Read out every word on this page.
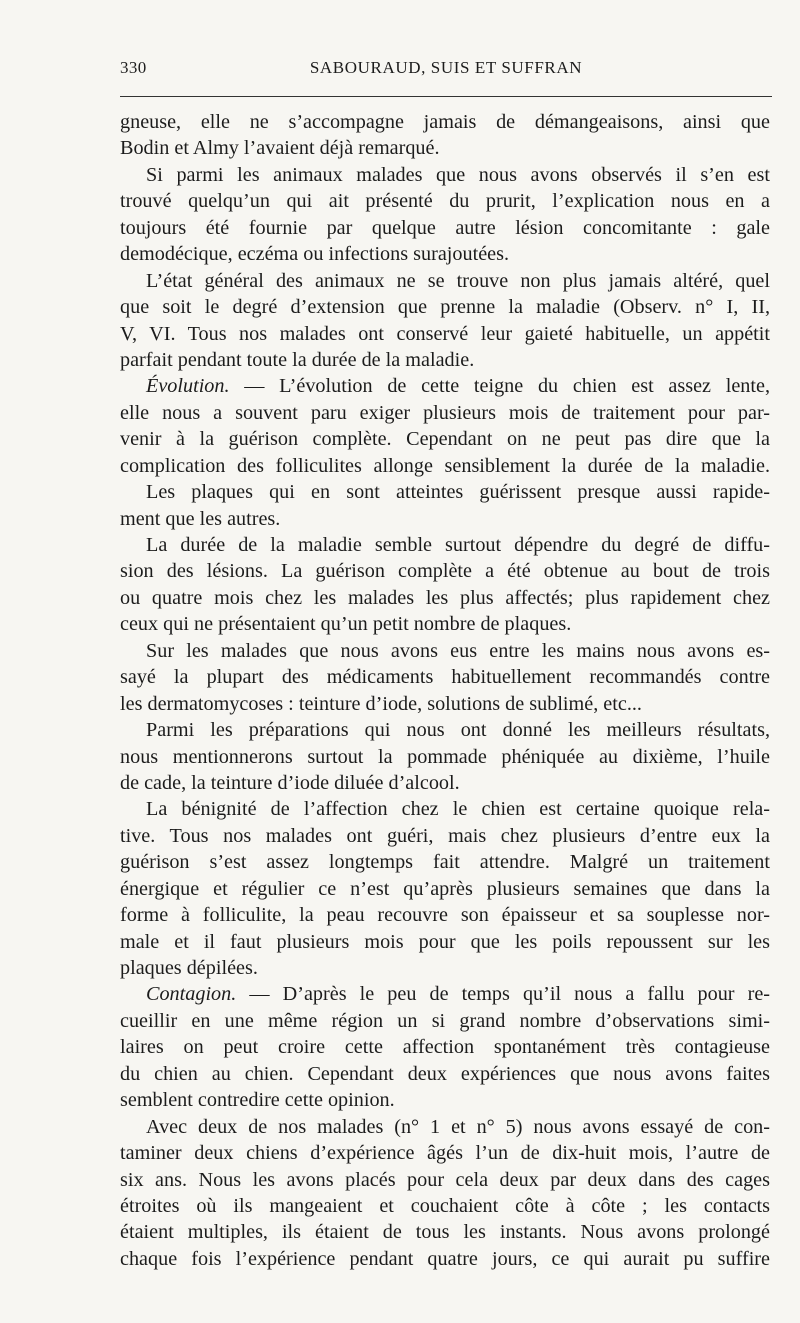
330	SABOURAUD, SUIS ET SUFFRAN
gneuse, elle ne s’accompagne jamais de démangeaisons, ainsi que
Bodin et Almy l’avaient déjà remarqué.
Si parmi les animaux malades que nous avons observés il s’en est
trouvé quelqu’un qui ait présenté du prurit, l’explication nous en a
toujours été fournie par quelque autre lésion concomitante : gale
demodécique, eczéma ou infections surajoutées.
L’état général des animaux ne se trouve non plus jamais altéré, quel
que soit le degré d’extension que prenne la maladie (Observ. n° I, II,
V, VI. Tous nos malades ont conservé leur gaieté habituelle, un appétit
parfait pendant toute la durée de la maladie.
Évolution. — L’évolution de cette teigne du chien est assez lente,
elle nous a souvent paru exiger plusieurs mois de traitement pour par-
venir à la guérison complète. Cependant on ne peut pas dire que la
complication des folliculites allonge sensiblement la durée de la maladie.
Les plaques qui en sont atteintes guérissent presque aussi rapide-
ment que les autres.
La durée de la maladie semble surtout dépendre du degré de diffu-
sion des lésions. La guérison complète a été obtenue au bout de trois
ou quatre mois chez les malades les plus affectés; plus rapidement chez
ceux qui ne présentaient qu’un petit nombre de plaques.
Sur les malades que nous avons eus entre les mains nous avons es-
sayé la plupart des médicaments habituellement recommandés contre
les dermatomycoses : teinture d’iode, solutions de sublimé, etc...
Parmi les préparations qui nous ont donné les meilleurs résultats,
nous mentionnerons surtout la pommade phéniquée au dixième, l’huile
de cade, la teinture d’iode diluée d’alcool.
La bénignité de l’affection chez le chien est certaine quoique rela-
tive. Tous nos malades ont guéri, mais chez plusieurs d’entre eux la
guérison s’est assez longtemps fait attendre. Malgré un traitement
énergique et régulier ce n’est qu’après plusieurs semaines que dans la
forme à folliculite, la peau recouvre son épaisseur et sa souplesse nor-
male et il faut plusieurs mois pour que les poils repoussent sur les
plaques dépilées.
Contagion. — D’après le peu de temps qu’il nous a fallu pour re-
cueillir en une même région un si grand nombre d’observations simi-
laires on peut croire cette affection spontanément très contagieuse
du chien au chien. Cependant deux expériences que nous avons faites
semblent contredire cette opinion.
Avec deux de nos malades (n° 1 et n° 5) nous avons essayé de con-
taminer deux chiens d’expérience âgés l’un de dix-huit mois, l’autre de
six ans. Nous les avons placés pour cela deux par deux dans des cages
étroites où ils mangeaient et couchaient côte à côte ; les contacts
étaient multiples, ils étaient de tous les instants. Nous avons prolongé
chaque fois l’expérience pendant quatre jours, ce qui aurait pu suffire
